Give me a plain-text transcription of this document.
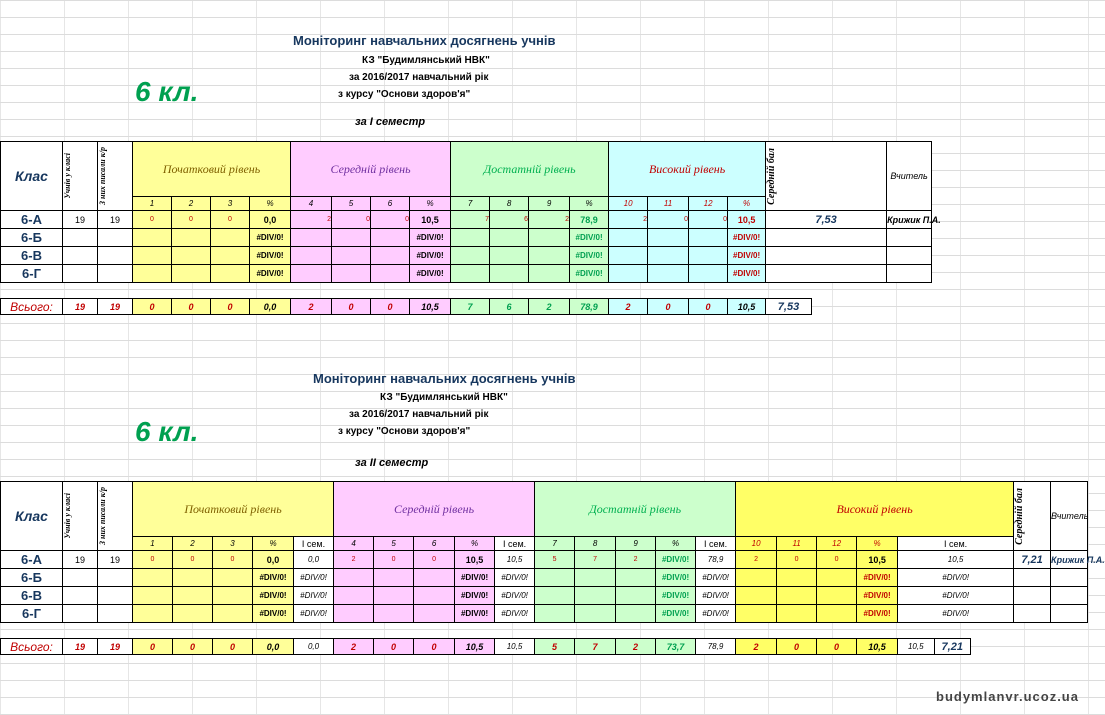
Моніторинг навчальних досягнень учнів
КЗ "Будимлянський НВК"
за 2016/2017 навчальний рік
6 кл.	з курсу "Основи здоров'я"
за І семестр
Клас	Учнів у класі	З них писали к/р	Початковий рівень				Середній рівень				Достатній рівень				Високий рівень				Середній бал	Вчитель
			1	2	3	%	4	5	6	%	7	8	9	%	10	11	12	%		
6-А	19	19	0	0	0	0,0	2	0	0	10,5	7	6	2	78,9	2	0	0	10,5	7,53	Крижик П.А.
6-Б						#DIV/0!				#DIV/0!				#DIV/0!				#DIV/0!		
6-В						#DIV/0!				#DIV/0!				#DIV/0!				#DIV/0!		
6-Г						#DIV/0!				#DIV/0!				#DIV/0!				#DIV/0!		
Всього:	19	19	0	0	0	0,0	2	0	0	10,5	7	6	2	78,9	2	0	0	10,5	7,53
Моніторинг навчальних досягнень учнів
КЗ "Будимлянський НВК"
за 2016/2017 навчальний рік
6 кл.	з курсу "Основи здоров'я"
за ІІ семестр
Клас	Учнів у класі	З них писали к/р	Початковий рівень					Середній рівень					Достатній рівень					Високий рівень					Середній бал	Вчитель
			1	2	3	%	І сем.	4	5	6	%	І сем.	7	8	9	%	І сем.	10	11	12	%	І сем.		
6-А	19	19	0	0	0	0,0	0,0	2	0	0	10,5	10,5	5	7	2	#DIV/0!	78,9	2	0	0	10,5	10,5	7,21	Крижик П.А.
6-Б						#DIV/0!	#DIV/0!				#DIV/0!	#DIV/0!				#DIV/0!	#DIV/0!				#DIV/0!	#DIV/0!		
6-В						#DIV/0!	#DIV/0!				#DIV/0!	#DIV/0!				#DIV/0!	#DIV/0!				#DIV/0!	#DIV/0!		
6-Г						#DIV/0!	#DIV/0!				#DIV/0!	#DIV/0!				#DIV/0!	#DIV/0!				#DIV/0!	#DIV/0!		
Всього:	19	19	0	0	0	0,0	0,0	2	0	0	10,5	10,5	5	7	2	73,7	78,9	2	0	0	10,5	10,5	7,21
budymlanvr.ucoz.ua
